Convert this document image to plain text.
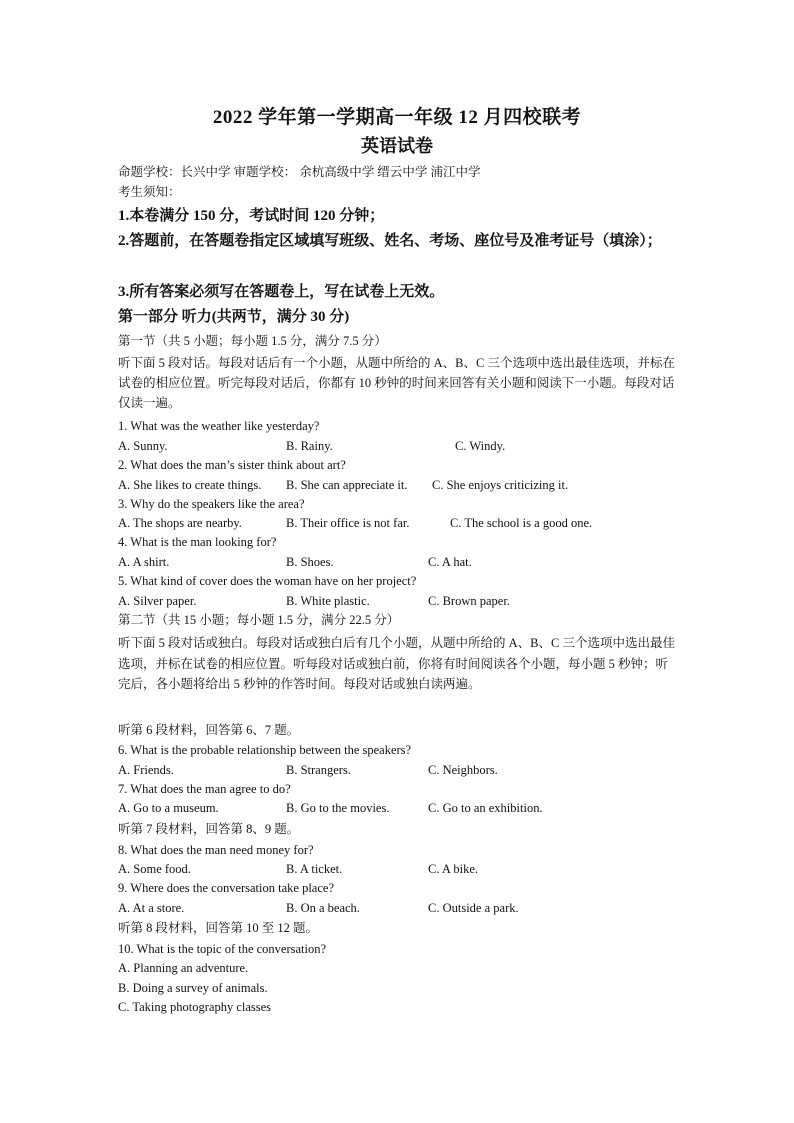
2022 学年第一学期高一年级 12 月四校联考
英语试卷
命题学校：长兴中学 审题学校： 余杭高级中学 缙云中学 浦江中学
考生须知：
1.本卷满分 150 分，考试时间 120 分钟；
2.答题前，在答题卷指定区域填写班级、姓名、考场、座位号及准考证号（填涂）；
3.所有答案必须写在答题卷上，写在试卷上无效。
第一部分 听力(共两节，满分 30 分)
第一节（共 5 小题；每小题 1.5 分，满分 7.5 分）
听下面 5 段对话。每段对话后有一个小题，从题中所给的 A、B、C 三个选项中选出最佳选项，并标在试卷的相应位置。听完每段对话后，你都有 10 秒钟的时间来回答有关小题和阅读下一小题。每段对话仅读一遍。
1. What was the weather like yesterday?
A. Sunny.	B. Rainy.	C. Windy.
2. What does the man’s sister think about art?
A. She likes to create things. B. She can appreciate it. C. She enjoys criticizing it.
3. Why do the speakers like the area?
A. The shops are nearby.	B. Their office is not far.	C. The school is a good one.
4. What is the man looking for?
A. A shirt.	B. Shoes.	C. A hat.
5. What kind of cover does the woman have on her project?
A. Silver paper.	B. White plastic.	C. Brown paper.
第二节（共 15 小题；每小题 1.5 分，满分 22.5 分）
听下面 5 段对话或独白。每段对话或独白后有几个小题，从题中所给的 A、B、C 三个选项中选出最佳选项，并标在试卷的相应位置。听每段对话或独白前，你将有时间阅读各个小题，每小题 5 秒钟；听完后，各小题将给出 5 秒钟的作答时间。每段对话或独白读两遍。
听第 6 段材料，回答第 6、7 题。
6. What is the probable relationship between the speakers?
A. Friends.	B. Strangers.	C. Neighbors.
7. What does the man agree to do?
A. Go to a museum.	B. Go to the movies.	C. Go to an exhibition.
听第 7 段材料，回答第 8、9 题。
8. What does the man need money for?
A. Some food.	B. A ticket.	C. A bike.
9. Where does the conversation take place?
A. At a store.	B. On a beach.	C. Outside a park.
听第 8 段材料，回答第 10 至 12 题。
10. What is the topic of the conversation?
A. Planning an adventure.
B. Doing a survey of animals.
C. Taking photography classes
